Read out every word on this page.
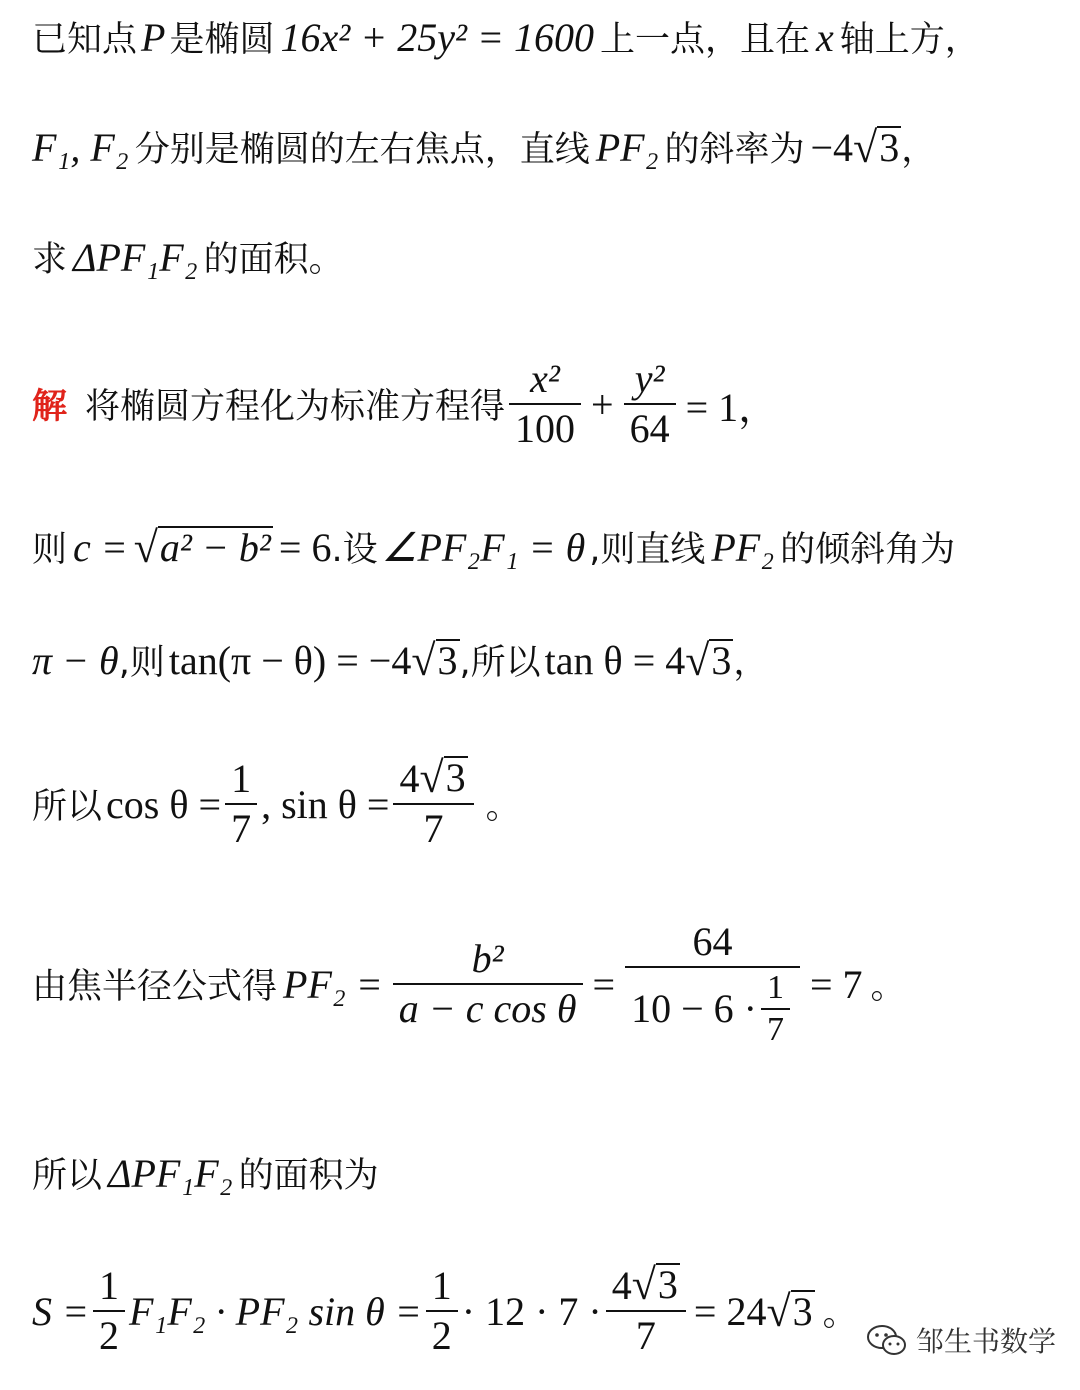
已知点 P 是椭圆 16x² + 25y² = 1600 上一点，且在 x 轴上方，
F₁, F₂ 分别是椭圆的左右焦点，直线 PF₂ 的斜率为 −4 √ 3 ，
求 ΔPF₁F₂ 的面积。
解 将椭圆方程化为标准方程得 $\frac{\text{x²}}{100} + \frac{\text{y²}}{64} = 1$，
则 c = √ a² − b² = 6 .设 ∠PF₂F₁ = θ ,则直线 PF₂ 的倾斜角为
π − θ ,则 tan(π − θ) = −4 √ 3 ,所以 tan θ = 4 √ 3 ，
所以 $\cos \theta = \frac{1}{7}$ , $\sin \theta = \frac{4 √ 3}{7}$ 。
由焦半径公式得 $PF_2 = \frac{\text{b²}}{\text{a − c cos θ}} = \frac{64}{10 - 6 \cdot \frac{1}{7}} = 7$ 。
所以 ΔPF₁F₂ 的面积为
$S = \frac{1}{2} F_1F_2 \cdot PF_2$ $\sin \theta = \frac{1}{2} \cdot 12 \cdot 7 \cdot \frac{4 √ 3}{7} = 24$ √ 3 。
邹生书数学
